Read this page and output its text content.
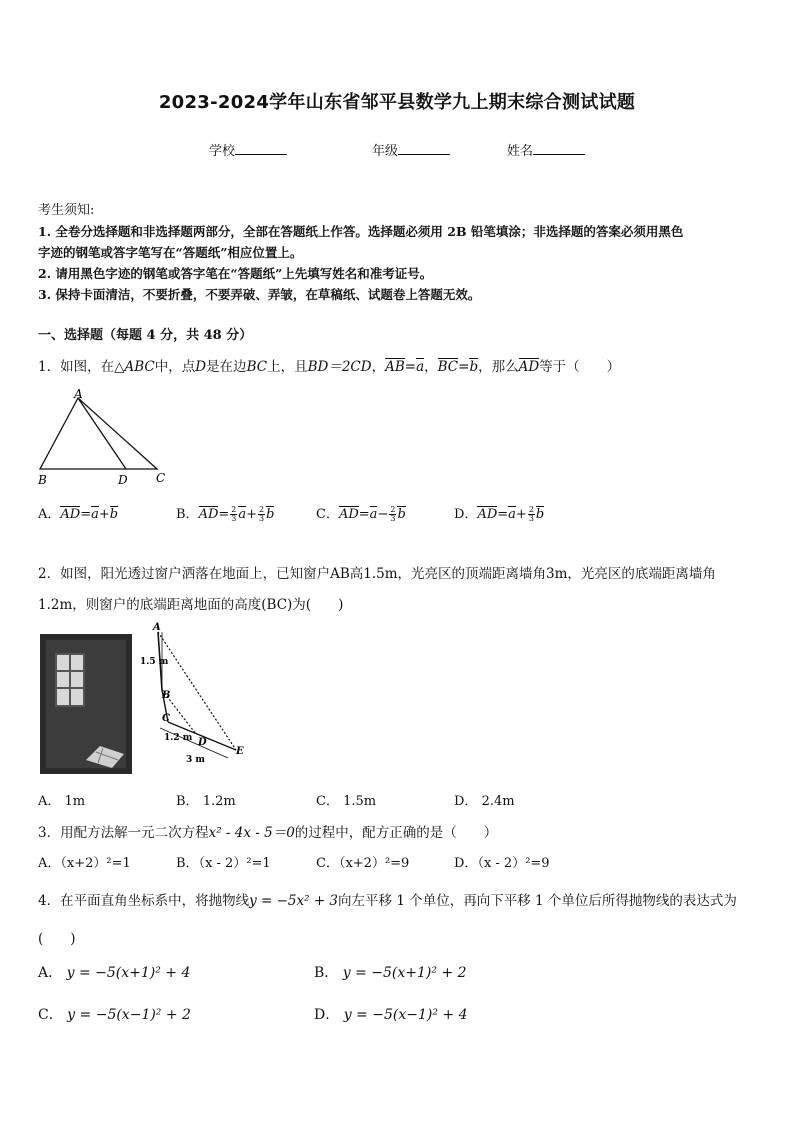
2023-2024学年山东省邹平县数学九上期末综合测试试题
学校	年级	姓名
考生须知:
1. 全卷分选择题和非选择题两部分，全部在答题纸上作答。选择题必须用 2B 铅笔填涂；非选择题的答案必须用黑色
字迹的钢笔或答字笔写在“答题纸”相应位置上。
2. 请用黑色字迹的钢笔或答字笔在“答题纸”上先填写姓名和准考证号。
3. 保持卡面清洁，不要折叠，不要弄破、弄皱，在草稿纸、试题卷上答题无效。
一、选择题（每题 4 分，共 48 分）
1．如图，在△ABC中，点D是在边BC上，且BD＝2CD，AB=a，BC=b，那么AD等于（　　）
A
B	D C
A．AD=a+b	B．$AD= \frac{2}{3} a+ \frac{2}{3}$ b	C．$AD=a- \frac{2}{3}$ b	D．$AD=a+ \frac{2}{3}$ b
2．如图，阳光透过窗户洒落在地面上，已知窗户AB高1.5m，光亮区的顶端距离墙角3m，光亮区的底端距离墙角
1.2m，则窗户的底端距离地面的高度(BC)为(　　)
A
1.5 m
B
C
1.2 m D
E
3 m
A． 1m	B． 1.2m	C． 1.5m	D． 2.4m
3．用配方法解一元二次方程x² - 4x - 5＝0的过程中，配方正确的是（　　）
A．（x+2）²=1	B．（x - 2）²=1	C．（x+2）²=9	D．（x - 2）²=9
4．在平面直角坐标系中，将抛物线y = −5x² + 3向左平移 1 个单位，再向下平移 1 个单位后所得抛物线的表达式为
(　　)
A． y = −5(x+1)² + 4	B． y = −5(x+1)² + 2
C． y = −5(x−1)² + 2	D． y = −5(x−1)² + 4
